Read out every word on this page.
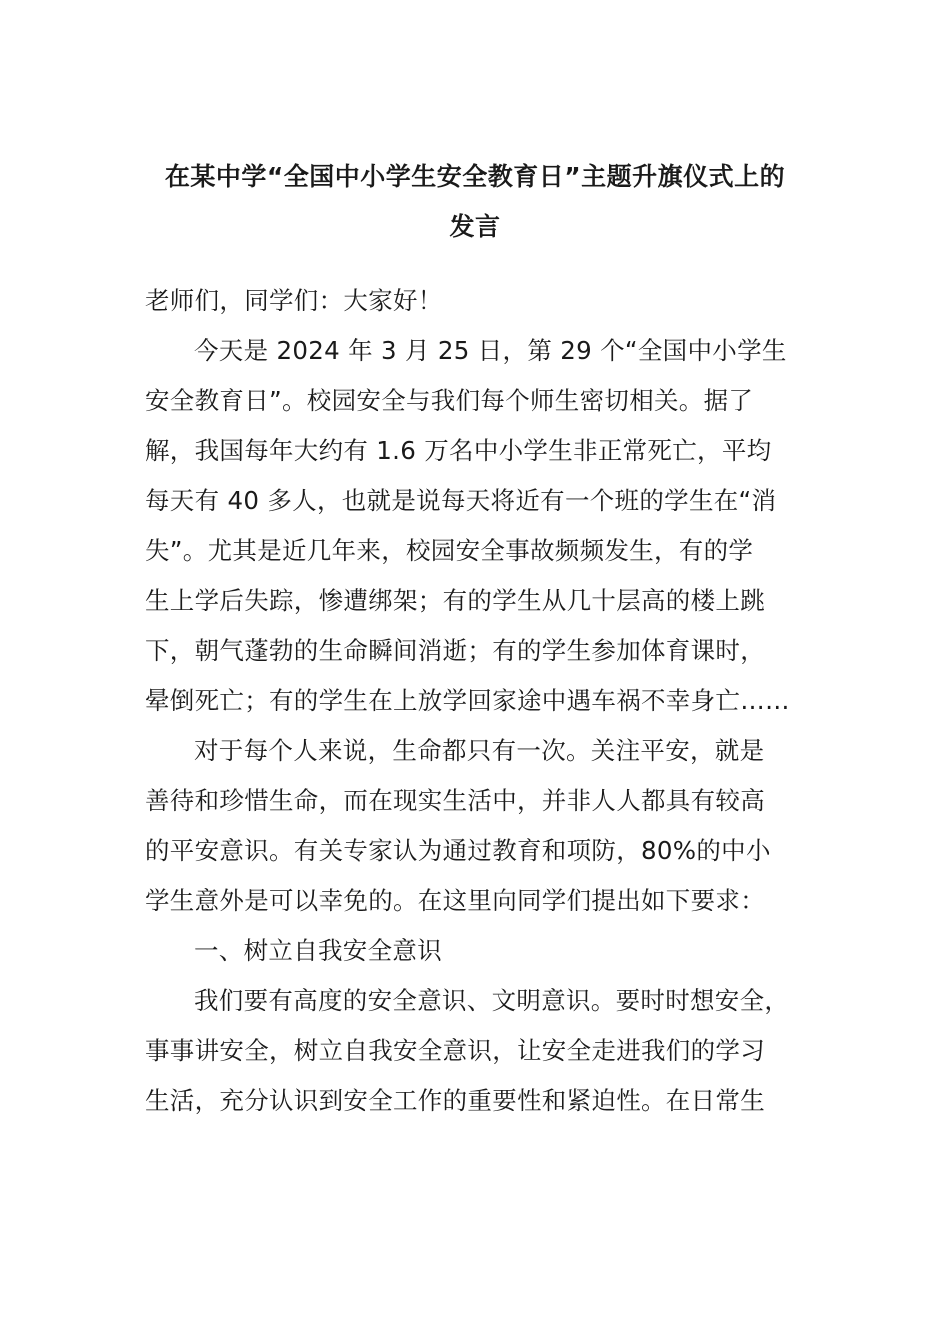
在某中学“全国中小学生安全教育日”主题升旗仪式上的
发言
老师们，同学们：大家好！
今天是 2024 年 3 月 25 日，第 29 个“全国中小学生
安全教育日”。校园安全与我们每个师生密切相关。据了
解，我国每年大约有 1.6 万名中小学生非正常死亡，平均
每天有 40 多人，也就是说每天将近有一个班的学生在“消
失”。尤其是近几年来，校园安全事故频频发生，有的学
生上学后失踪，惨遭绑架；有的学生从几十层高的楼上跳
下，朝气蓬勃的生命瞬间消逝；有的学生参加体育课时，
晕倒死亡；有的学生在上放学回家途中遇车祸不幸身亡……
对于每个人来说，生命都只有一次。关注平安，就是
善待和珍惜生命，而在现实生活中，并非人人都具有较高
的平安意识。有关专家认为通过教育和项防，80%的中小
学生意外是可以幸免的。在这里向同学们提出如下要求：
一、树立自我安全意识
我们要有高度的安全意识、文明意识。要时时想安全，
事事讲安全，树立自我安全意识，让安全走进我们的学习
生活，充分认识到安全工作的重要性和紧迫性。在日常生
